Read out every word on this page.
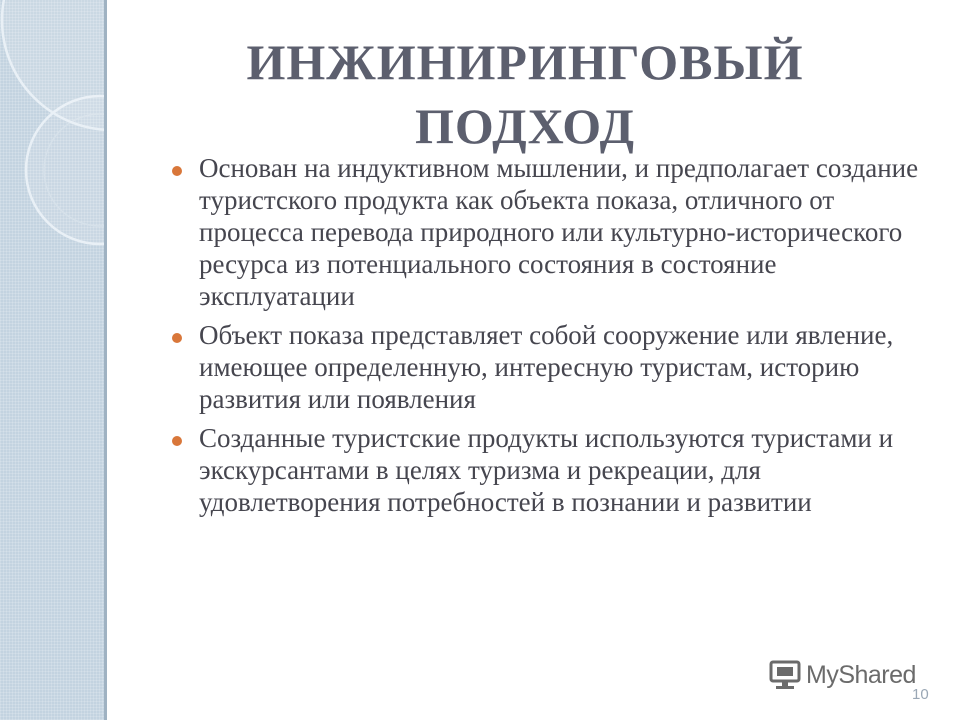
ИНЖИНИРИНГОВЫЙ ПОДХОД
Основан на индуктивном мышлении, и предполагает создание туристского продукта как объекта показа, отличного от процесса перевода природного или культурно-исторического ресурса из потенциального состояния в состояние эксплуатации
Объект показа представляет собой сооружение или явление, имеющее определенную, интересную туристам, историю развития или появления
Созданные туристские продукты используются туристами и экскурсантами в целях туризма и рекреации, для удовлетворения потребностей в познании и развитии
MyShared
10
